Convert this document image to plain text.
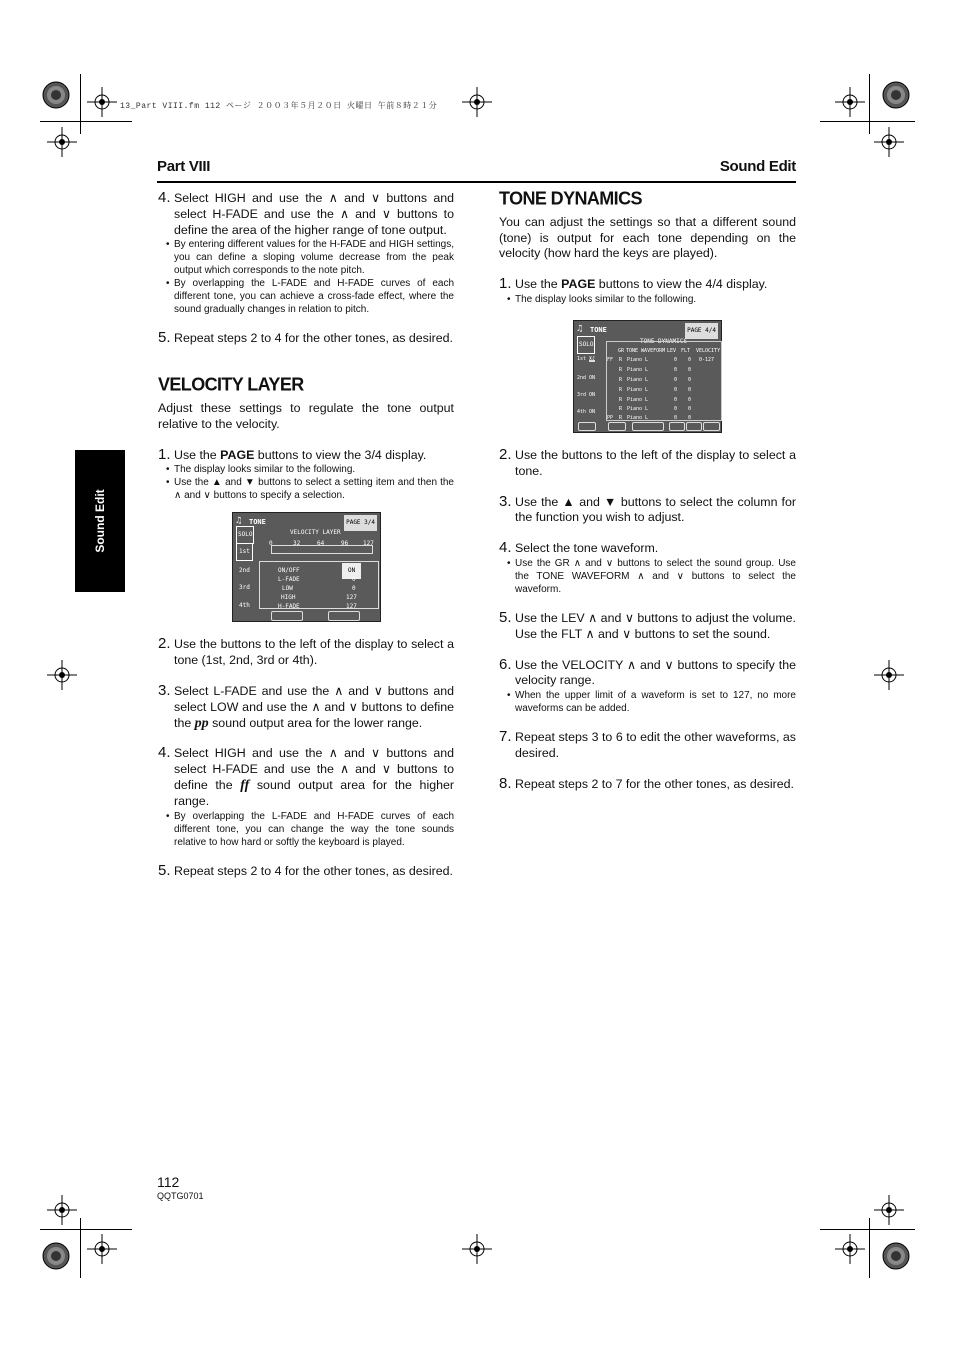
13_Part VIII.fm 112 ページ ２００３年５月２０日 火曜日 午前８時２１分
Part VIII	Sound Edit
Sound Edit
4. Select HIGH and use the ∧ and ∨ buttons and select H-FADE and use the ∧ and ∨ buttons to define the area of the higher range of tone output.
• By entering different values for the H-FADE and HIGH settings, you can define a sloping volume decrease from the peak output which corresponds to the note pitch.
• By overlapping the L-FADE and H-FADE curves of each different tone, you can achieve a cross-fade effect, where the sound gradually changes in relation to pitch.
5. Repeat steps 2 to 4 for the other tones, as desired.
VELOCITY LAYER
Adjust these settings to regulate the tone output relative to the velocity.
1. Use the PAGE buttons to view the 3/4 display.
• The display looks similar to the following.
• Use the ▲ and ▼ buttons to select a setting item and then the ∧ and ∨ buttons to specify a selection.
♫ TONE	PAGE 3/4
SOLO	VELOCITY LAYER
0	32	64	96 127
1st
2nd
3rd
4th
ON/OFF	ON
L-FADE	0
LOW	0
HIGH	127
H-FADE	127
2. Use the buttons to the left of the display to select a tone (1st, 2nd, 3rd or 4th).
3. Select L-FADE and use the ∧ and ∨ buttons and select LOW and use the ∧ and ∨ buttons to define the pp sound output area for the lower range.
4. Select HIGH and use the ∧ and ∨ buttons and select H-FADE and use the ∧ and ∨ buttons to define the ff sound output area for the higher range.
• By overlapping the L-FADE and H-FADE curves of each different tone, you can change the way the tone sounds relative to how hard or softly the keyboard is played.
5. Repeat steps 2 to 4 for the other tones, as desired.
TONE DYNAMICS
You can adjust the settings so that a different sound (tone) is output for each tone depending on the velocity (how hard the keys are played).
1. Use the PAGE buttons to view the 4/4 display.
• The display looks similar to the following.
♫ TONE	PAGE 4/4
SOLO	TONE DYNAMICS
GR TONE WAVEFORM LEV FLT VELOCITY
1st ON
2nd ON
3rd ON
4th ON
FF R Piano L	0 0 0-127
R Piano L	0 0
R Piano L	0 0
R Piano L	0 0
R Piano L	0 0
R Piano L	0 0
PP R Piano L	0 0
2. Use the buttons to the left of the display to select a tone.
3. Use the ▲ and ▼ buttons to select the column for the function you wish to adjust.
4. Select the tone waveform.
• Use the GR ∧ and ∨ buttons to select the sound group. Use the TONE WAVEFORM ∧ and ∨ buttons to select the waveform.
5. Use the LEV ∧ and ∨ buttons to adjust the volume. Use the FLT ∧ and ∨ buttons to set the sound.
6. Use the VELOCITY ∧ and ∨ buttons to specify the velocity range.
• When the upper limit of a waveform is set to 127, no more waveforms can be added.
7. Repeat steps 3 to 6 to edit the other waveforms, as desired.
8. Repeat steps 2 to 7 for the other tones, as desired.
112
QQTG0701
